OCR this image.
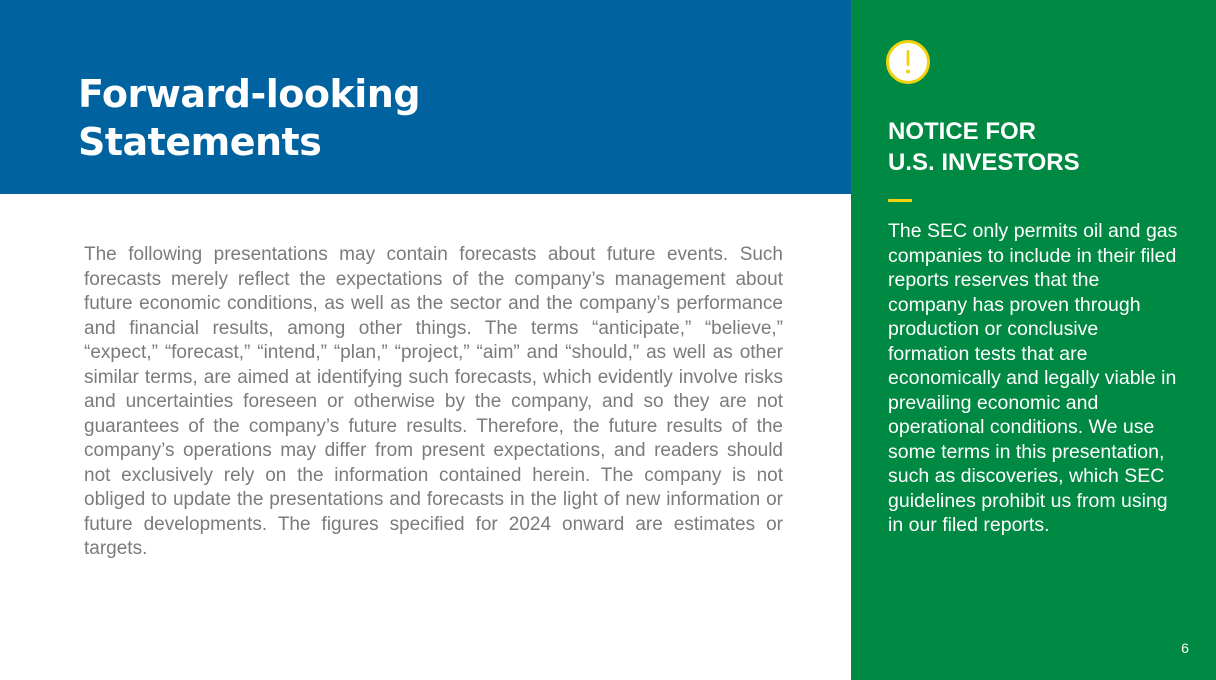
Forward-looking
Statements

The following presentations may contain forecasts about future events. Such forecasts merely reflect the expectations of the company’s management about future economic conditions, as well as the sector and the company’s performance and financial results, among other things. The terms “anticipate,” “believe,” “expect,” “forecast,” “intend,” “plan,” “project,” “aim” and “should,” as well as other similar terms, are aimed at identifying such forecasts, which evidently involve risks and uncertainties foreseen or otherwise by the company, and so they are not guarantees of the company’s future results. Therefore, the future results of the company’s operations may differ from present expectations, and readers should not exclusively rely on the information contained herein. The company is not obliged to update the presentations and forecasts in the light of new information or future developments. The figures specified for 2024 onward are estimates or targets.

NOTICE FOR
U.S. INVESTORS

The SEC only permits oil and gas companies to include in their filed reports reserves that the company has proven through production or conclusive formation tests that are economically and legally viable in prevailing economic and operational conditions. We use some terms in this presentation, such as discoveries, which SEC guidelines prohibit us from using in our filed reports.

6
